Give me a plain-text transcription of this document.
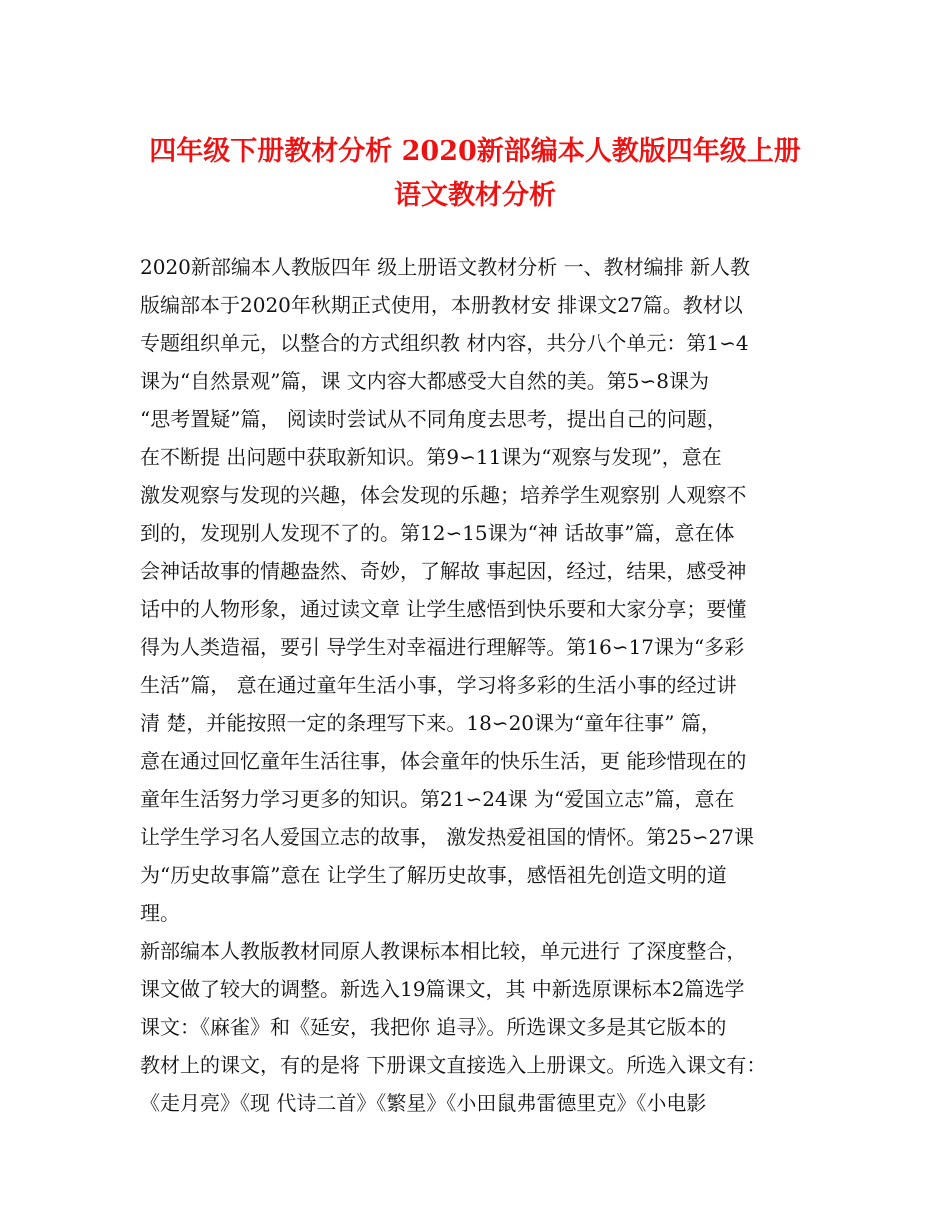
四年级下册教材分析 2020新部编本人教版四年级上册
语文教材分析
2020新部编本人教版四年 级上册语文教材分析 一、教材编排 新人教
版编部本于2020年秋期正式使用，本册教材安 排课文27篇。教材以
专题组织单元，以整合的方式组织教 材内容，共分八个单元：第1∽4
课为“自然景观”篇，课 文内容大都感受大自然的美。第5∽8课为
“思考置疑”篇， 阅读时尝试从不同角度去思考，提出自己的问题，
在不断提 出问题中获取新知识。第9∽11课为“观察与发现”，意在
激发观察与发现的兴趣，体会发现的乐趣；培养学生观察别 人观察不
到的，发现别人发现不了的。第12∽15课为“神 话故事”篇，意在体
会神话故事的情趣盎然、奇妙，了解故 事起因，经过，结果，感受神
话中的人物形象，通过读文章 让学生感悟到快乐要和大家分享；要懂
得为人类造福，要引 导学生对幸福进行理解等。第16∽17课为“多彩
生活”篇， 意在通过童年生活小事，学习将多彩的生活小事的经过讲
清 楚，并能按照一定的条理写下来。18∽20课为“童年往事” 篇，
意在通过回忆童年生活往事，体会童年的快乐生活，更 能珍惜现在的
童年生活努力学习更多的知识。第21∽24课 为“爱国立志”篇，意在
让学生学习名人爱国立志的故事， 激发热爱祖国的情怀。第25∽27课
为“历史故事篇”意在 让学生了解历史故事，感悟祖先创造文明的道
理。
新部编本人教版教材同原人教课标本相比较，单元进行 了深度整合，
课文做了较大的调整。新选入19篇课文，其 中新选原课标本2篇选学
课文：《麻雀》和《延安，我把你 追寻》。所选课文多是其它版本的
教材上的课文，有的是将 下册课文直接选入上册课文。所选入课文有：
《走月亮》《现 代诗二首》《繁星》《小田鼠弗雷德里克》《小电影
